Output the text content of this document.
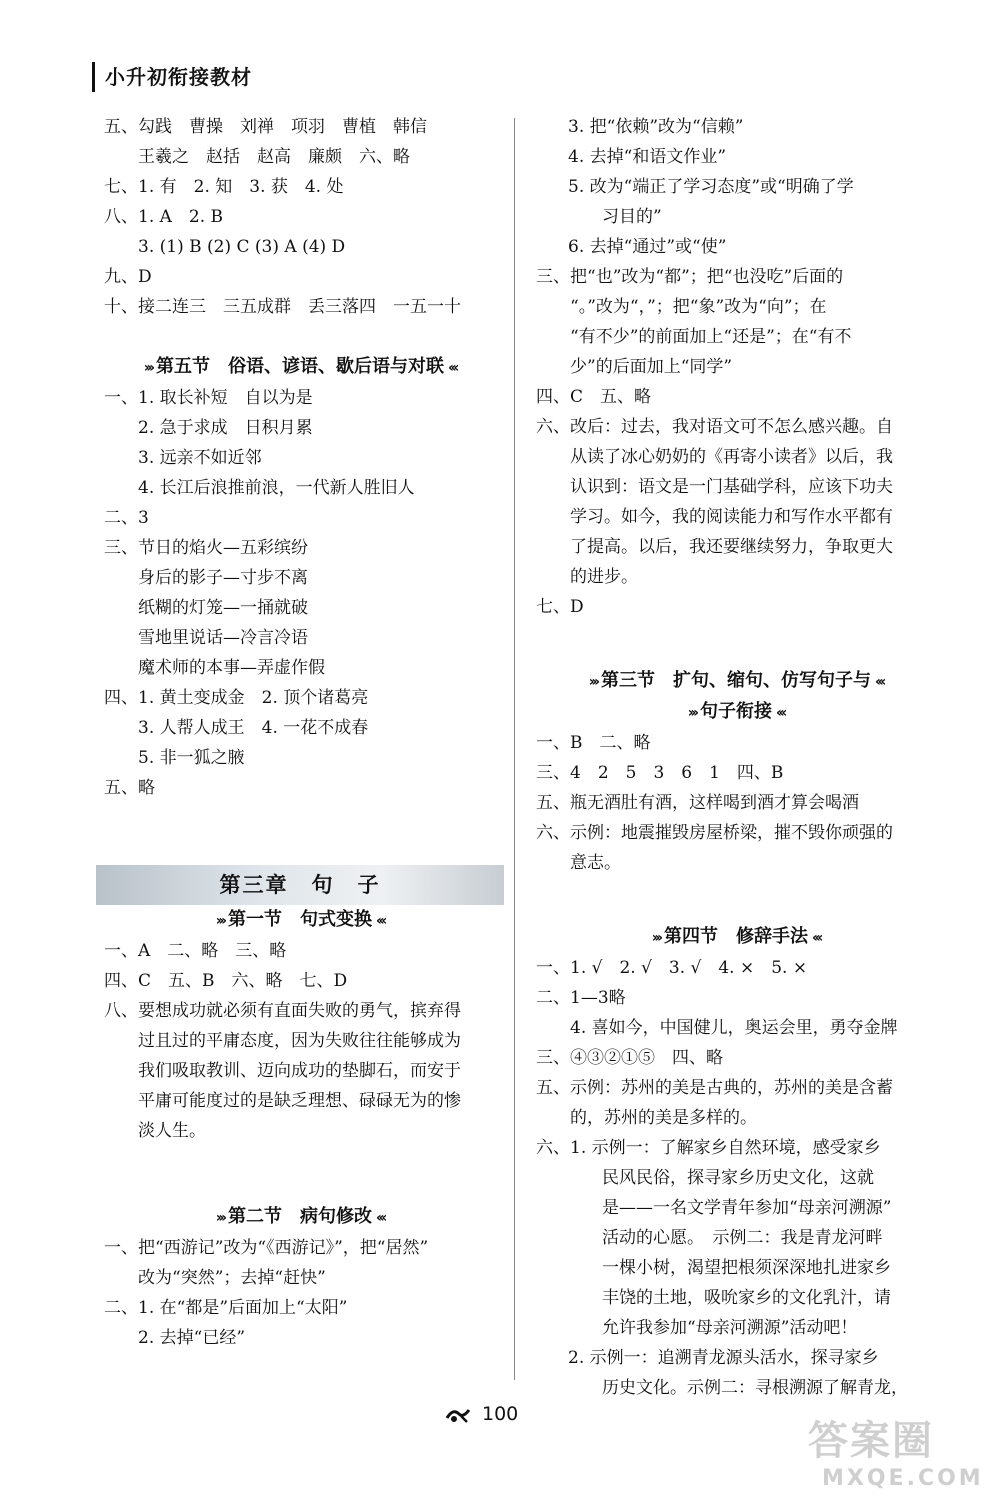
小升初衔接教材
五、勾践　曹操　刘禅　项羽　曹植　韩信
王羲之　赵括　赵高　廉颇　六、略
七、1. 有　2. 知　3. 获　4. 处
八、1. A　2. B
3. (1) B (2) C (3) A (4) D
九、D
十、接二连三　三五成群　丢三落四　一五一十
››› 第五节　俗语、谚语、歇后语与对联 ‹‹‹
一、1. 取长补短　自以为是
2. 急于求成　日积月累
3. 远亲不如近邻
4. 长江后浪推前浪，一代新人胜旧人
二、3
三、节日的焰火—五彩缤纷
身后的影子—寸步不离
纸糊的灯笼—一捅就破
雪地里说话—冷言冷语
魔术师的本事—弄虚作假
四、1. 黄土变成金　2. 顶个诸葛亮
3. 人帮人成王　4. 一花不成春
5. 非一狐之腋
五、略
第三章　句　子
››› 第一节　句式变换 ‹‹‹
一、A　二、略　三、略
四、C　五、B　六、略　七、D
八、要想成功就必须有直面失败的勇气，摈弃得
过且过的平庸态度，因为失败往往能够成为
我们吸取教训、迈向成功的垫脚石，而安于
平庸可能度过的是缺乏理想、碌碌无为的惨
淡人生。
››› 第二节　病句修改 ‹‹‹
一、把“西游记”改为“《西游记》”，把“居然”
改为“突然”；去掉“赶快”
二、1. 在“都是”后面加上“太阳”
2. 去掉“已经”
3. 把“依赖”改为“信赖”
4. 去掉“和语文作业”
5. 改为“端正了学习态度”或“明确了学
习目的”
6. 去掉“通过”或“使”
三、把“也”改为“都”；把“也没吃”后面的
“。”改为“，”；把“象”改为“向”；在
“有不少”的前面加上“还是”；在“有不
少”的后面加上“同学”
四、C　五、略
六、改后：过去，我对语文可不怎么感兴趣。自
从读了冰心奶奶的《再寄小读者》以后，我
认识到：语文是一门基础学科，应该下功夫
学习。如今，我的阅读能力和写作水平都有
了提高。以后，我还要继续努力，争取更大
的进步。
七、D
››› 第三节　扩句、缩句、仿写句子与 ‹‹‹
››› 句子衔接 ‹‹‹
一、B　二、略
三、4　2　5　3　6　1　四、B
五、瓶无酒肚有酒，这样喝到酒才算会喝酒
六、示例：地震摧毁房屋桥梁，摧不毁你顽强的
意志。
››› 第四节　修辞手法 ‹‹‹
一、1. √　2. √　3. √　4. ×　5. ×
二、1—3略
4. 喜如今，中国健儿，奥运会里，勇夺金牌
三、④③②①⑤　四、略
五、示例：苏州的美是古典的，苏州的美是含蓄
的，苏州的美是多样的。
六、1. 示例一：了解家乡自然环境，感受家乡
民风民俗，探寻家乡历史文化，这就
是——一名文学青年参加“母亲河溯源”
活动的心愿。　示例二：我是青龙河畔
一棵小树，渴望把根须深深地扎进家乡
丰饶的土地，吸吮家乡的文化乳汁，请
允许我参加“母亲河溯源”活动吧！
2. 示例一：追溯青龙源头活水，探寻家乡
历史文化。示例二：寻根溯源了解青龙，
100
答案圈
MXQE.COM
